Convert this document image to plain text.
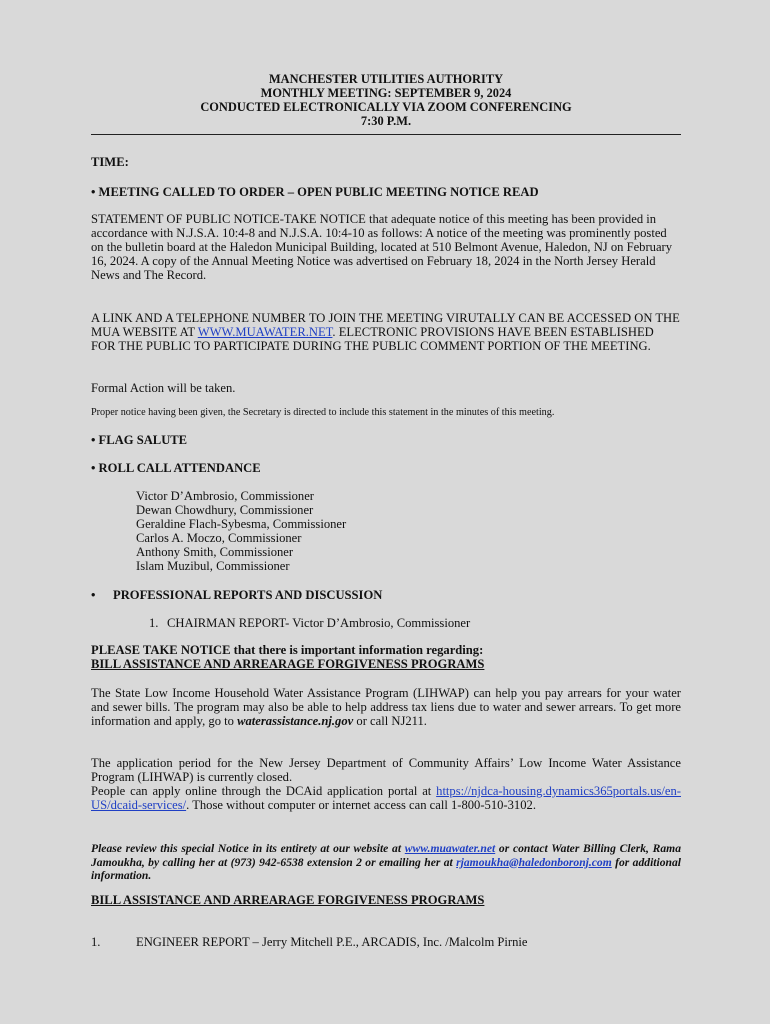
MANCHESTER UTILITIES AUTHORITY
MONTHLY MEETING: SEPTEMBER 9, 2024
CONDUCTED ELECTRONICALLY VIA ZOOM CONFERENCING
7:30 P.M.

TIME:

• MEETING CALLED TO ORDER – OPEN PUBLIC MEETING NOTICE READ

STATEMENT OF PUBLIC NOTICE-TAKE NOTICE that adequate notice of this meeting has been provided in accordance with N.J.S.A. 10:4-8 and N.J.S.A. 10:4-10 as follows: A notice of the meeting was prominently posted on the bulletin board at the Haledon Municipal Building, located at 510 Belmont Avenue, Haledon, NJ on February 16, 2024. A copy of the Annual Meeting Notice was advertised on February 18, 2024 in the North Jersey Herald News and The Record.

A LINK AND A TELEPHONE NUMBER TO JOIN THE MEETING VIRUTALLY CAN BE ACCESSED ON THE MUA WEBSITE AT WWW.MUAWATER.NET. ELECTRONIC PROVISIONS HAVE BEEN ESTABLISHED FOR THE PUBLIC TO PARTICIPATE DURING THE PUBLIC COMMENT PORTION OF THE MEETING.

Formal Action will be taken.

Proper notice having been given, the Secretary is directed to include this statement in the minutes of this meeting.

• FLAG SALUTE

• ROLL CALL ATTENDANCE

Victor D’Ambrosio, Commissioner
Dewan Chowdhury, Commissioner
Geraldine Flach-Sybesma, Commissioner
Carlos A. Moczo, Commissioner
Anthony Smith, Commissioner
Islam Muzibul, Commissioner

• PROFESSIONAL REPORTS AND DISCUSSION

1. CHAIRMAN REPORT- Victor D’Ambrosio, Commissioner

PLEASE TAKE NOTICE that there is important information regarding:
BILL ASSISTANCE AND ARREARAGE FORGIVENESS PROGRAMS

The State Low Income Household Water Assistance Program (LIHWAP) can help you pay arrears for your water and sewer bills. The program may also be able to help address tax liens due to water and sewer arrears. To get more information and apply, go to waterassistance.nj.gov or call NJ211.

The application period for the New Jersey Department of Community Affairs’ Low Income Water Assistance Program (LIHWAP) is currently closed.
People can apply online through the DCAid application portal at https://njdca-housing.dynamics365portals.us/en-US/dcaid-services/. Those without computer or internet access can call 1-800-510-3102.

Please review this special Notice in its entirety at our website at www.muawater.net or contact Water Billing Clerk, Rama Jamoukha, by calling her at (973) 942-6538 extension 2 or emailing her at rjamoukha@haledonboronj.com for additional information.

BILL ASSISTANCE AND ARREARAGE FORGIVENESS PROGRAMS

1.	ENGINEER REPORT – Jerry Mitchell P.E., ARCADIS, Inc. /Malcolm Pirnie
